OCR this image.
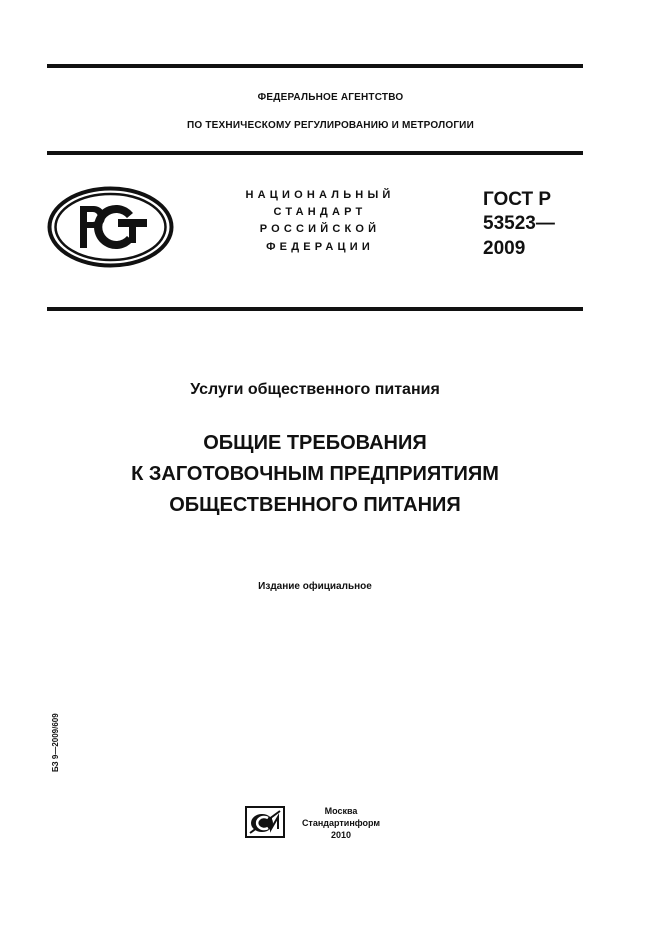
ФЕДЕРАЛЬНОЕ АГЕНТСТВО
ПО ТЕХНИЧЕСКОМУ РЕГУЛИРОВАНИЮ И МЕТРОЛОГИИ
НАЦИОНАЛЬНЫЙ
СТАНДАРТ
РОССИЙСКОЙ
ФЕДЕРАЦИИ
ГОСТ Р
53523—
2009
Услуги общественного питания
ОБЩИЕ ТРЕБОВАНИЯ
К ЗАГОТОВОЧНЫМ ПРЕДПРИЯТИЯМ
ОБЩЕСТВЕННОГО ПИТАНИЯ
Издание официальное
БЗ 9—2009/609
Москва
Стандартинформ
2010
